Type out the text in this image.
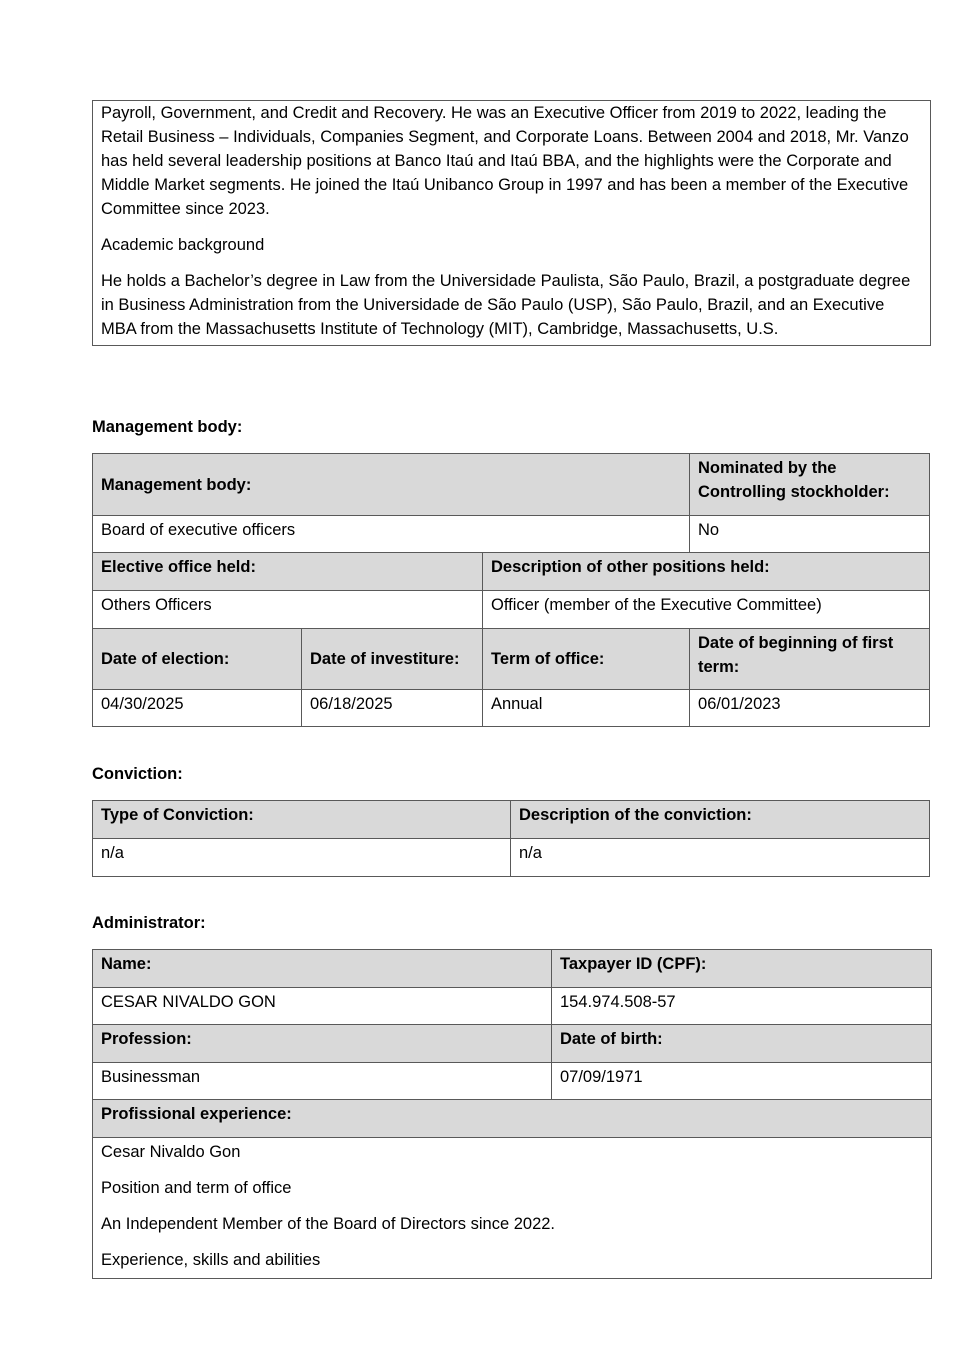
Payroll, Government, and Credit and Recovery. He was an Executive Officer from 2019 to 2022, leading the Retail Business – Individuals, Companies Segment, and Corporate Loans. Between 2004 and 2018, Mr. Vanzo has held several leadership positions at Banco Itaú and Itaú BBA, and the highlights were the Corporate and Middle Market segments. He joined the Itaú Unibanco Group in 1997 and has been a member of the Executive Committee since 2023.

Academic background

He holds a Bachelor’s degree in Law from the Universidade Paulista, São Paulo, Brazil, a postgraduate degree in Business Administration from the Universidade de São Paulo (USP), São Paulo, Brazil, and an Executive MBA from the Massachusetts Institute of Technology (MIT), Cambridge, Massachusetts, U.S.

Management body:

Management body:			Nominated by the Controlling stockholder:
Board of executive officers			No
Elective office held:		Description of other positions held:	
Others Officers		Officer (member of the Executive Committee)	
Date of election:	Date of investiture:	Term of office:	Date of beginning of first term:
04/30/2025	06/18/2025	Annual	06/01/2023

Conviction:

Type of Conviction:	Description of the conviction:
n/a	n/a

Administrator:

Name:	Taxpayer ID (CPF):
CESAR NIVALDO GON	154.974.508-57
Profession:	Date of birth:
Businessman	07/09/1971
Profissional experience:	

Cesar Nivaldo Gon

Position and term of office

An Independent Member of the Board of Directors since 2022.

Experience, skills and abilities	
